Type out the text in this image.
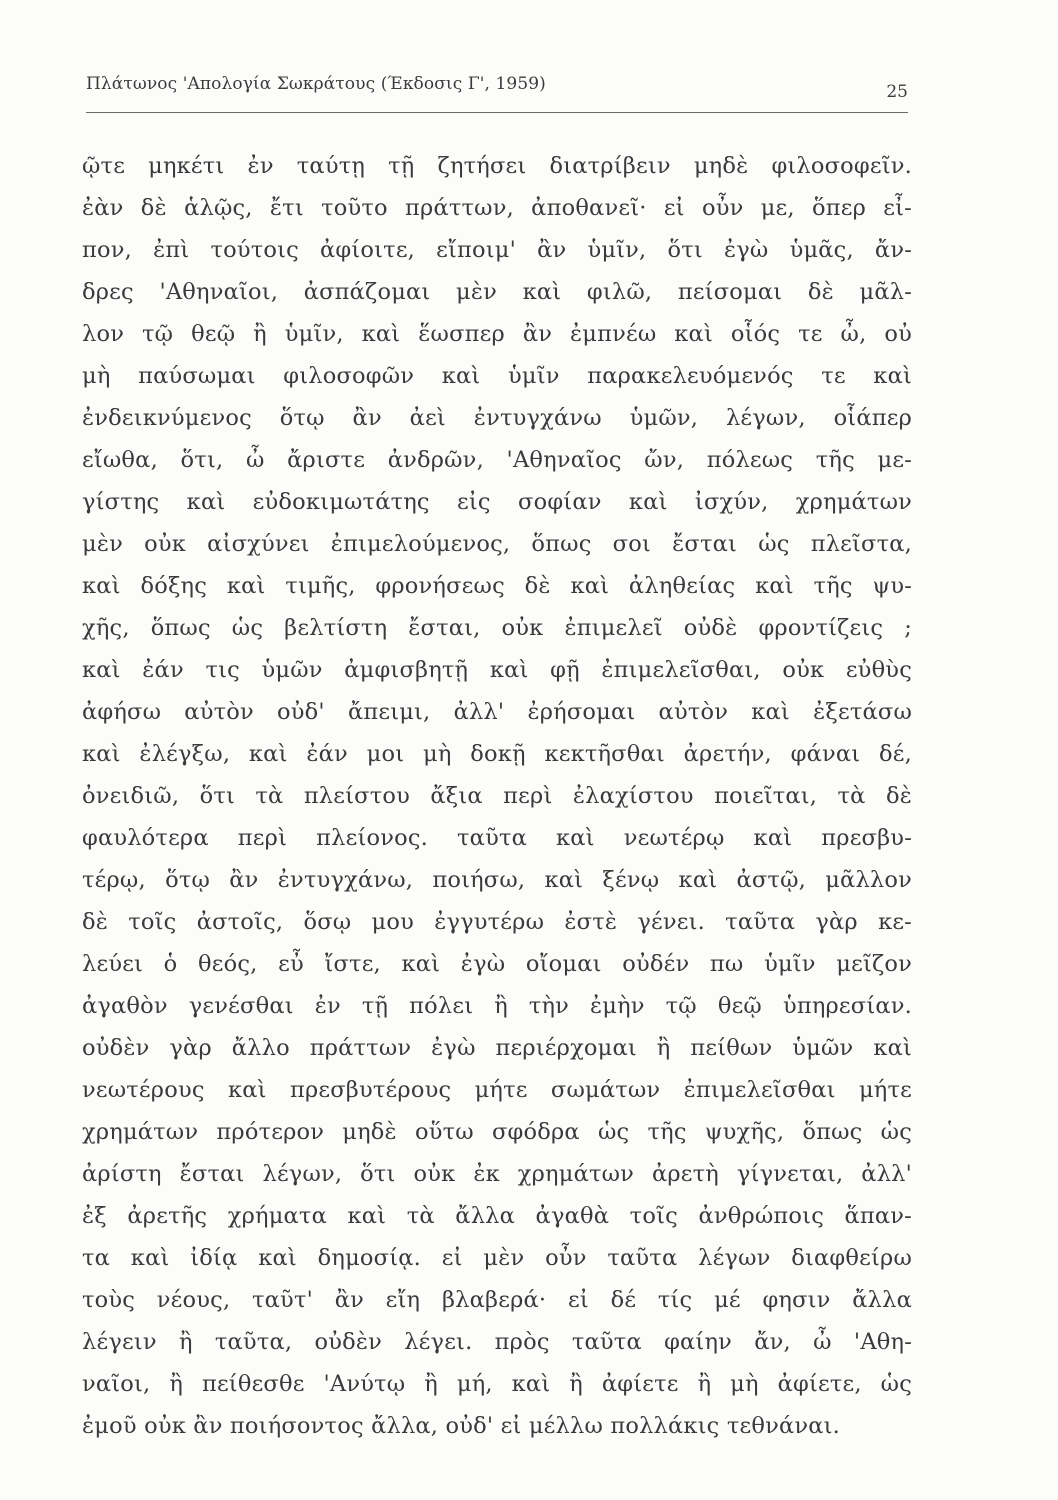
Πλάτωνος 'Απολογία Σωκράτους (Έκδοσις Γ', 1959)	25
ῷτε μηκέτι ἐν ταύτῃ τῇ ζητήσει διατρίβειν μηδὲ φιλοσοφεῖν.
ἐὰν δὲ ἁλῷς, ἔτι τοῦτο πράττων, ἀποθανεῖ· εἰ οὖν με, ὅπερ εἶ-
πον, ἐπὶ τούτοις ἀφίοιτε, εἴποιμ' ἂν ὑμῖν, ὅτι ἐγὼ ὑμᾶς, ἄν-
δρες 'Αθηναῖοι, ἀσπάζομαι μὲν καὶ φιλῶ, πείσομαι δὲ μᾶλ-
λον τῷ θεῷ ἢ ὑμῖν, καὶ ἕωσπερ ἂν ἐμπνέω καὶ οἷός τε ὦ, οὐ
μὴ παύσωμαι φιλοσοφῶν καὶ ὑμῖν παρακελευόμενός τε καὶ
ἐνδεικνύμενος ὅτῳ ἂν ἀεὶ ἐντυγχάνω ὑμῶν, λέγων, οἷάπερ
εἴωθα, ὅτι, ὦ ἄριστε ἀνδρῶν, 'Αθηναῖος ὤν, πόλεως τῆς με-
γίστης καὶ εὐδοκιμωτάτης εἰς σοφίαν καὶ ἰσχύν, χρημάτων
μὲν οὐκ αἰσχύνει ἐπιμελούμενος, ὅπως σοι ἔσται ὡς πλεῖστα,
καὶ δόξης καὶ τιμῆς, φρονήσεως δὲ καὶ ἀληθείας καὶ τῆς ψυ-
χῆς, ὅπως ὡς βελτίστη ἔσται, οὐκ ἐπιμελεῖ οὐδὲ φροντίζεις ;
καὶ ἐάν τις ὑμῶν ἀμφισβητῇ καὶ φῇ ἐπιμελεῖσθαι, οὐκ εὐθὺς
ἀφήσω αὐτὸν οὐδ' ἄπειμι, ἀλλ' ἐρήσομαι αὐτὸν καὶ ἐξετάσω
καὶ ἐλέγξω, καὶ ἐάν μοι μὴ δοκῇ κεκτῆσθαι ἀρετήν, φάναι δέ,
ὀνειδιῶ, ὅτι τὰ πλείστου ἄξια περὶ ἐλαχίστου ποιεῖται, τὰ δὲ
φαυλότερα περὶ πλείονος. ταῦτα καὶ νεωτέρῳ καὶ πρεσβυ-
τέρῳ, ὅτῳ ἂν ἐντυγχάνω, ποιήσω, καὶ ξένῳ καὶ ἀστῷ, μᾶλλον
δὲ τοῖς ἀστοῖς, ὅσῳ μου ἐγγυτέρω ἐστὲ γένει. ταῦτα γὰρ κε-
λεύει ὁ θεός, εὖ ἴστε, καὶ ἐγὼ οἴομαι οὐδέν πω ὑμῖν μεῖζον
ἀγαθὸν γενέσθαι ἐν τῇ πόλει ἢ τὴν ἐμὴν τῷ θεῷ ὑπηρεσίαν.
οὐδὲν γὰρ ἄλλο πράττων ἐγὼ περιέρχομαι ἢ πείθων ὑμῶν καὶ
νεωτέρους καὶ πρεσβυτέρους μήτε σωμάτων ἐπιμελεῖσθαι μήτε
χρημάτων πρότερον μηδὲ οὕτω σφόδρα ὡς τῆς ψυχῆς, ὅπως ὡς
ἀρίστη ἔσται λέγων, ὅτι οὐκ ἐκ χρημάτων ἀρετὴ γίγνεται, ἀλλ'
ἐξ ἀρετῆς χρήματα καὶ τὰ ἄλλα ἀγαθὰ τοῖς ἀνθρώποις ἅπαν-
τα καὶ ἰδίᾳ καὶ δημοσίᾳ. εἰ μὲν οὖν ταῦτα λέγων διαφθείρω
τοὺς νέους, ταῦτ' ἂν εἴη βλαβερά· εἰ δέ τίς μέ φησιν ἄλλα
λέγειν ἢ ταῦτα, οὐδὲν λέγει. πρὸς ταῦτα φαίην ἄν, ὦ 'Αθη-
ναῖοι, ἢ πείθεσθε 'Ανύτῳ ἢ μή, καὶ ἢ ἀφίετε ἢ μὴ ἀφίετε, ὡς
ἐμοῦ οὐκ ἂν ποιήσοντος ἄλλα, οὐδ' εἰ μέλλω πολλάκις τεθνάναι.
